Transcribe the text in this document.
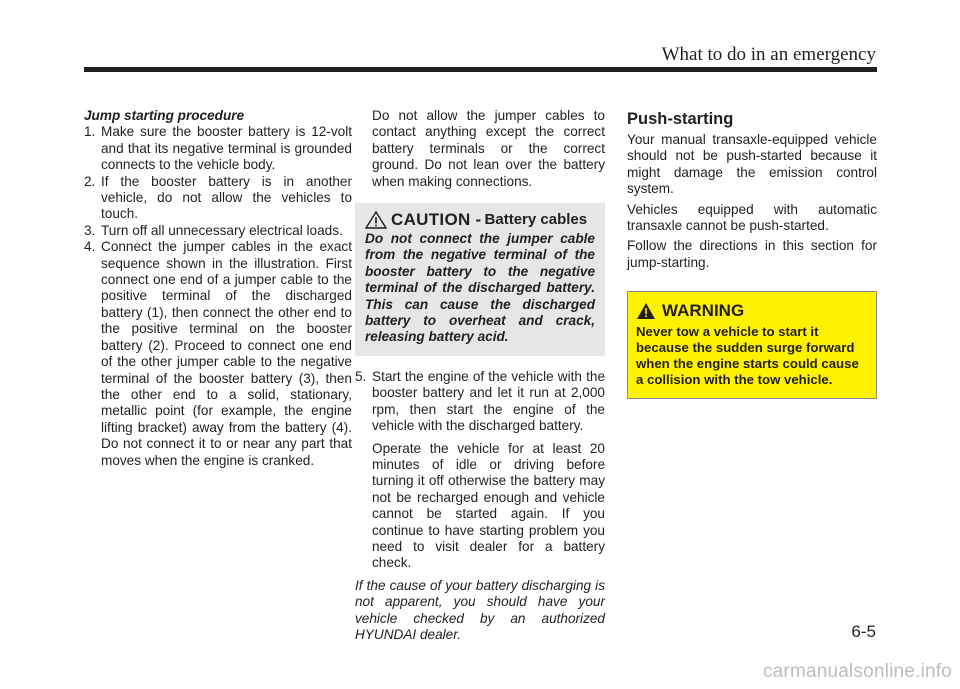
What to do in an emergency

Jump starting procedure

1. Make sure the booster battery is 12-volt and that its negative terminal is grounded connects to the vehicle body.
2. If the booster battery is in another vehicle, do not allow the vehicles to touch.
3. Turn off all unnecessary electrical loads.
4. Connect the jumper cables in the exact sequence shown in the illustration. First connect one end of a jumper cable to the positive terminal of the discharged battery (1), then connect the other end to the positive terminal on the booster battery (2). Proceed to connect one end of the other jumper cable to the negative terminal of the booster battery (3), then the other end to a solid, stationary, metallic point (for example, the engine lifting bracket) away from the battery (4). Do not connect it to or near any part that moves when the engine is cranked.

Do not allow the jumper cables to contact anything except the correct battery terminals or the correct ground. Do not lean over the battery when making connections.

CAUTION - Battery cables

Do not connect the jumper cable from the negative terminal of the booster battery to the negative terminal of the discharged battery. This can cause the discharged battery to overheat and crack, releasing battery acid.

5. Start the engine of the vehicle with the booster battery and let it run at 2,000 rpm, then start the engine of the vehicle with the discharged battery.

Operate the vehicle for at least 20 minutes of idle or driving before turning it off otherwise the battery may not be recharged enough and vehicle cannot be started again. If you continue to have starting problem you need to visit dealer for a battery check.

If the cause of your battery discharging is not apparent, you should have your vehicle checked by an authorized HYUNDAI dealer.

Push-starting

Your manual transaxle-equipped vehicle should not be push-started because it might damage the emission control system.

Vehicles equipped with automatic transaxle cannot be push-started.

Follow the directions in this section for jump-starting.

WARNING

Never tow a vehicle to start it because the sudden surge forward when the engine starts could cause a collision with the tow vehicle.

6-5
carmanualsonline.info
